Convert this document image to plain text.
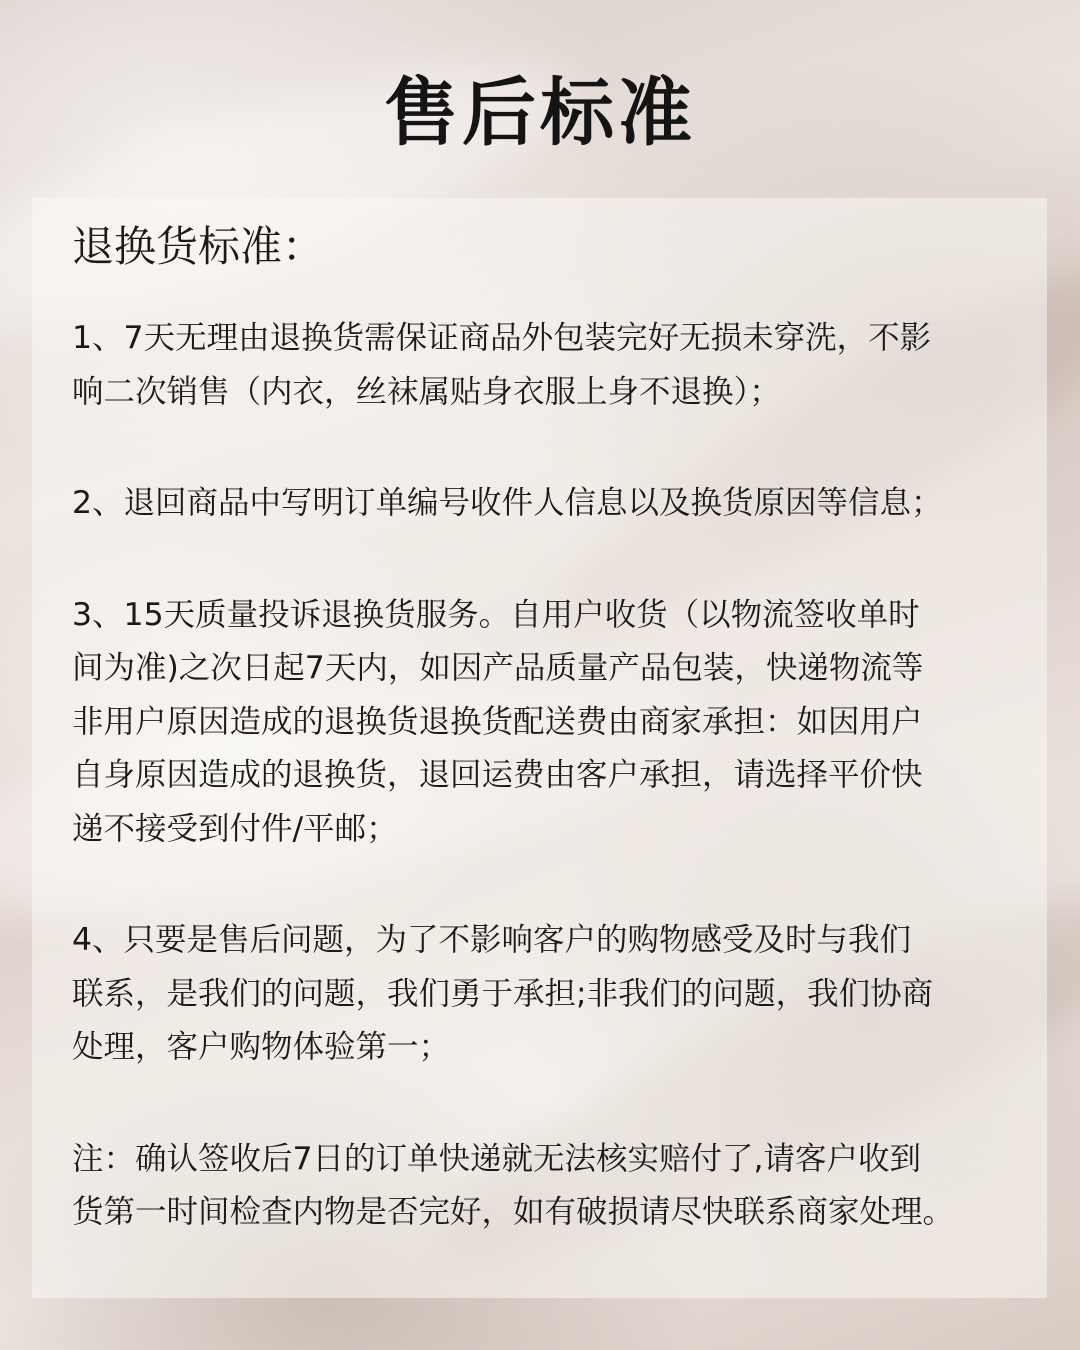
售后标准
退换货标准：
1、7天无理由退换货需保证商品外包装完好无损未穿洗，不影
响二次销售（内衣，丝袜属贴身衣服上身不退换）；
2、退回商品中写明订单编号收件人信息以及换货原因等信息；
3、15天质量投诉退换货服务。自用户收货（以物流签收单时
间为准)之次日起7天内，如因产品质量产品包装，快递物流等
非用户原因造成的退换货退换货配送费由商家承担：如因用户
自身原因造成的退换货，退回运费由客户承担，请选择平价快
递不接受到付件/平邮；
4、只要是售后问题，为了不影响客户的购物感受及时与我们
联系，是我们的问题，我们勇于承担;非我们的问题，我们协商
处理，客户购物体验第一；
注：确认签收后7日的订单快递就无法核实赔付了,请客户收到
货第一时间检查内物是否完好，如有破损请尽快联系商家处理。
